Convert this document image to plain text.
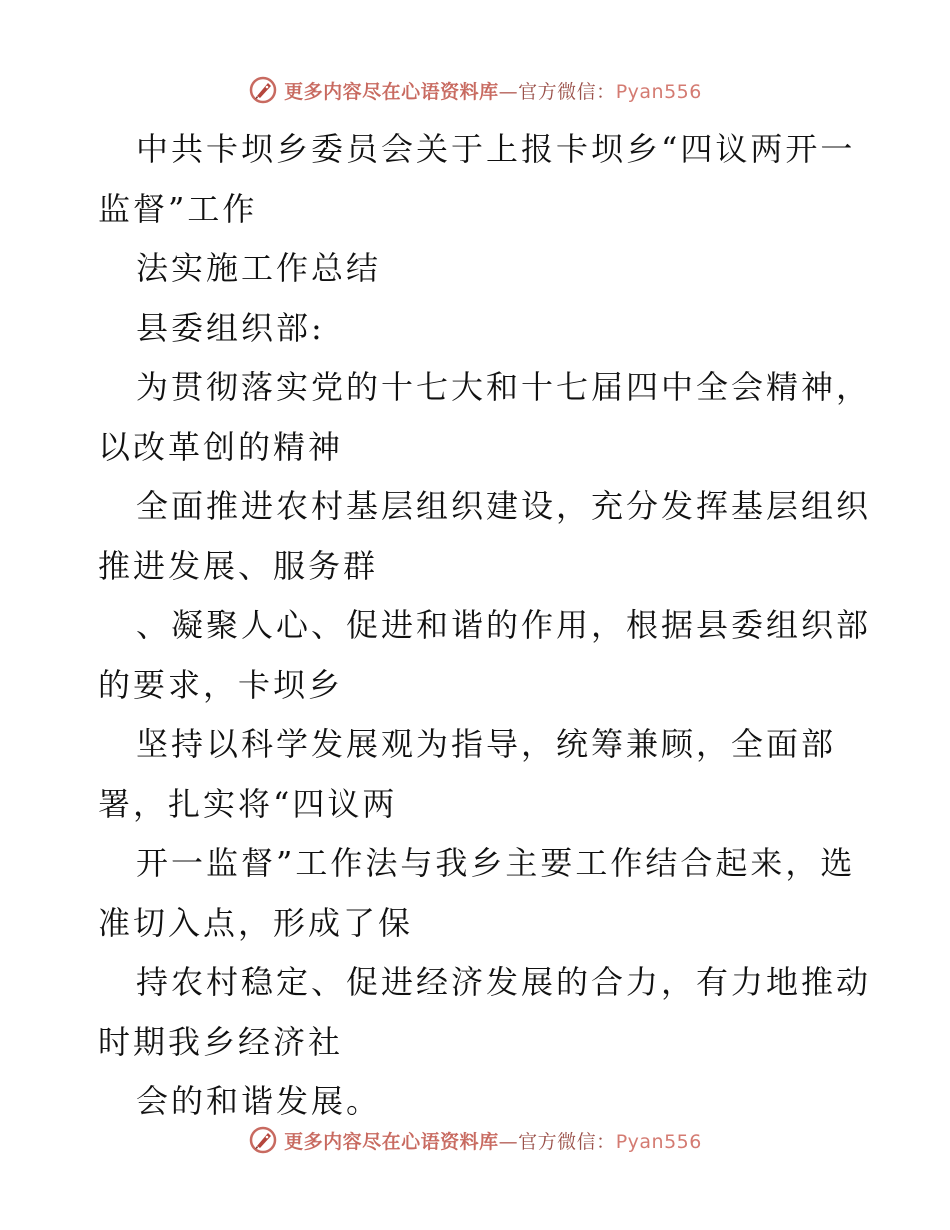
更多内容尽在心语资料库—官方微信：Pyan556
中共卡坝乡委员会关于上报卡坝乡“四议两开一
监督”工作
法实施工作总结
县委组织部:
为贯彻落实党的十七大和十七届四中全会精神，
以改革创的精神
全面推进农村基层组织建设，充分发挥基层组织
推进发展、服务群
、凝聚人心、促进和谐的作用，根据县委组织部
的要求，卡坝乡
坚持以科学发展观为指导，统筹兼顾，全面部
署，扎实将“四议两
开一监督”工作法与我乡主要工作结合起来，选
准切入点，形成了保
持农村稳定、促进经济发展的合力，有力地推动
时期我乡经济社
会的和谐发展。
更多内容尽在心语资料库—官方微信：Pyan556
